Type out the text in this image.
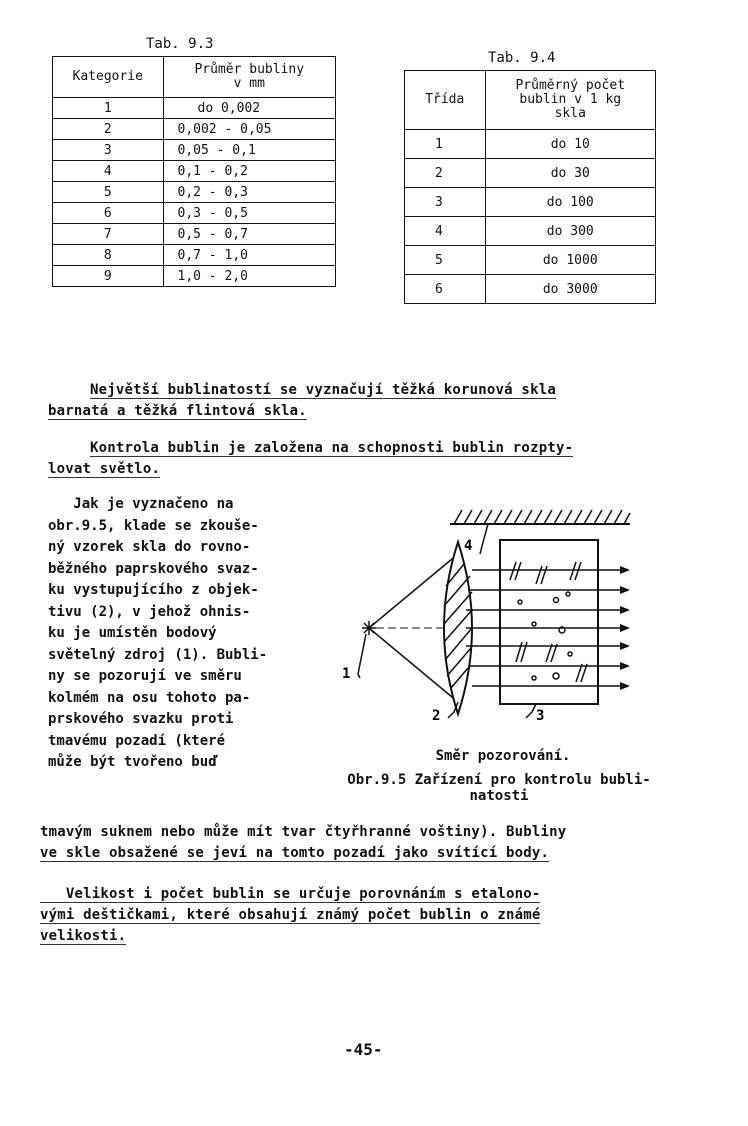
Tab. 9.3
Kategorie	Průměr bubliny
v mm

1	do 0,002
2	0,002 - 0,05
3	0,05 - 0,1
4	0,1 - 0,2
5	0,2 - 0,3
6	0,3 - 0,5
7	0,5 - 0,7
8	0,7 - 1,0
9	1,0 - 2,0
Tab. 9.4
Třída	Průměrný počet
bublin v 1 kg
skla

1	do 10
2	do 30
3	do 100
4	do 300
5	do 1000
6	do 3000
Největší bublinatostí se vyznačují těžká korunová skla
barnatá a těžká flintová skla.
Kontrola bublin je založena na schopnosti bublin rozpty-
lovat světlo.
Jak je vyznačeno na
obr.9.5, klade se zkouše-
ný vzorek skla do rovno-
běžného paprskového svaz-
ku vystupujícího z objek-
tivu (2), v jehož ohnis-
ku je umístěn bodový
světelný zdroj (1). Bubli-
ny se pozorují ve směru
kolmém na osu tohoto pa-
prskového svazku proti
tmavému pozadí (které
může být tvořeno buď
4
1
2	3
Směr pozorování.
Obr.9.5 Zařízení pro kontrolu bubli-
natosti
tmavým suknem nebo může mít tvar čtyřhranné voštiny). Bubliny
ve skle obsažené se jeví na tomto pozadí jako svítící body.
Velikost i počet bublin se určuje porovnáním s etalono-
vými deštičkami, které obsahují známý počet bublin o známé
velikosti.
-45-
